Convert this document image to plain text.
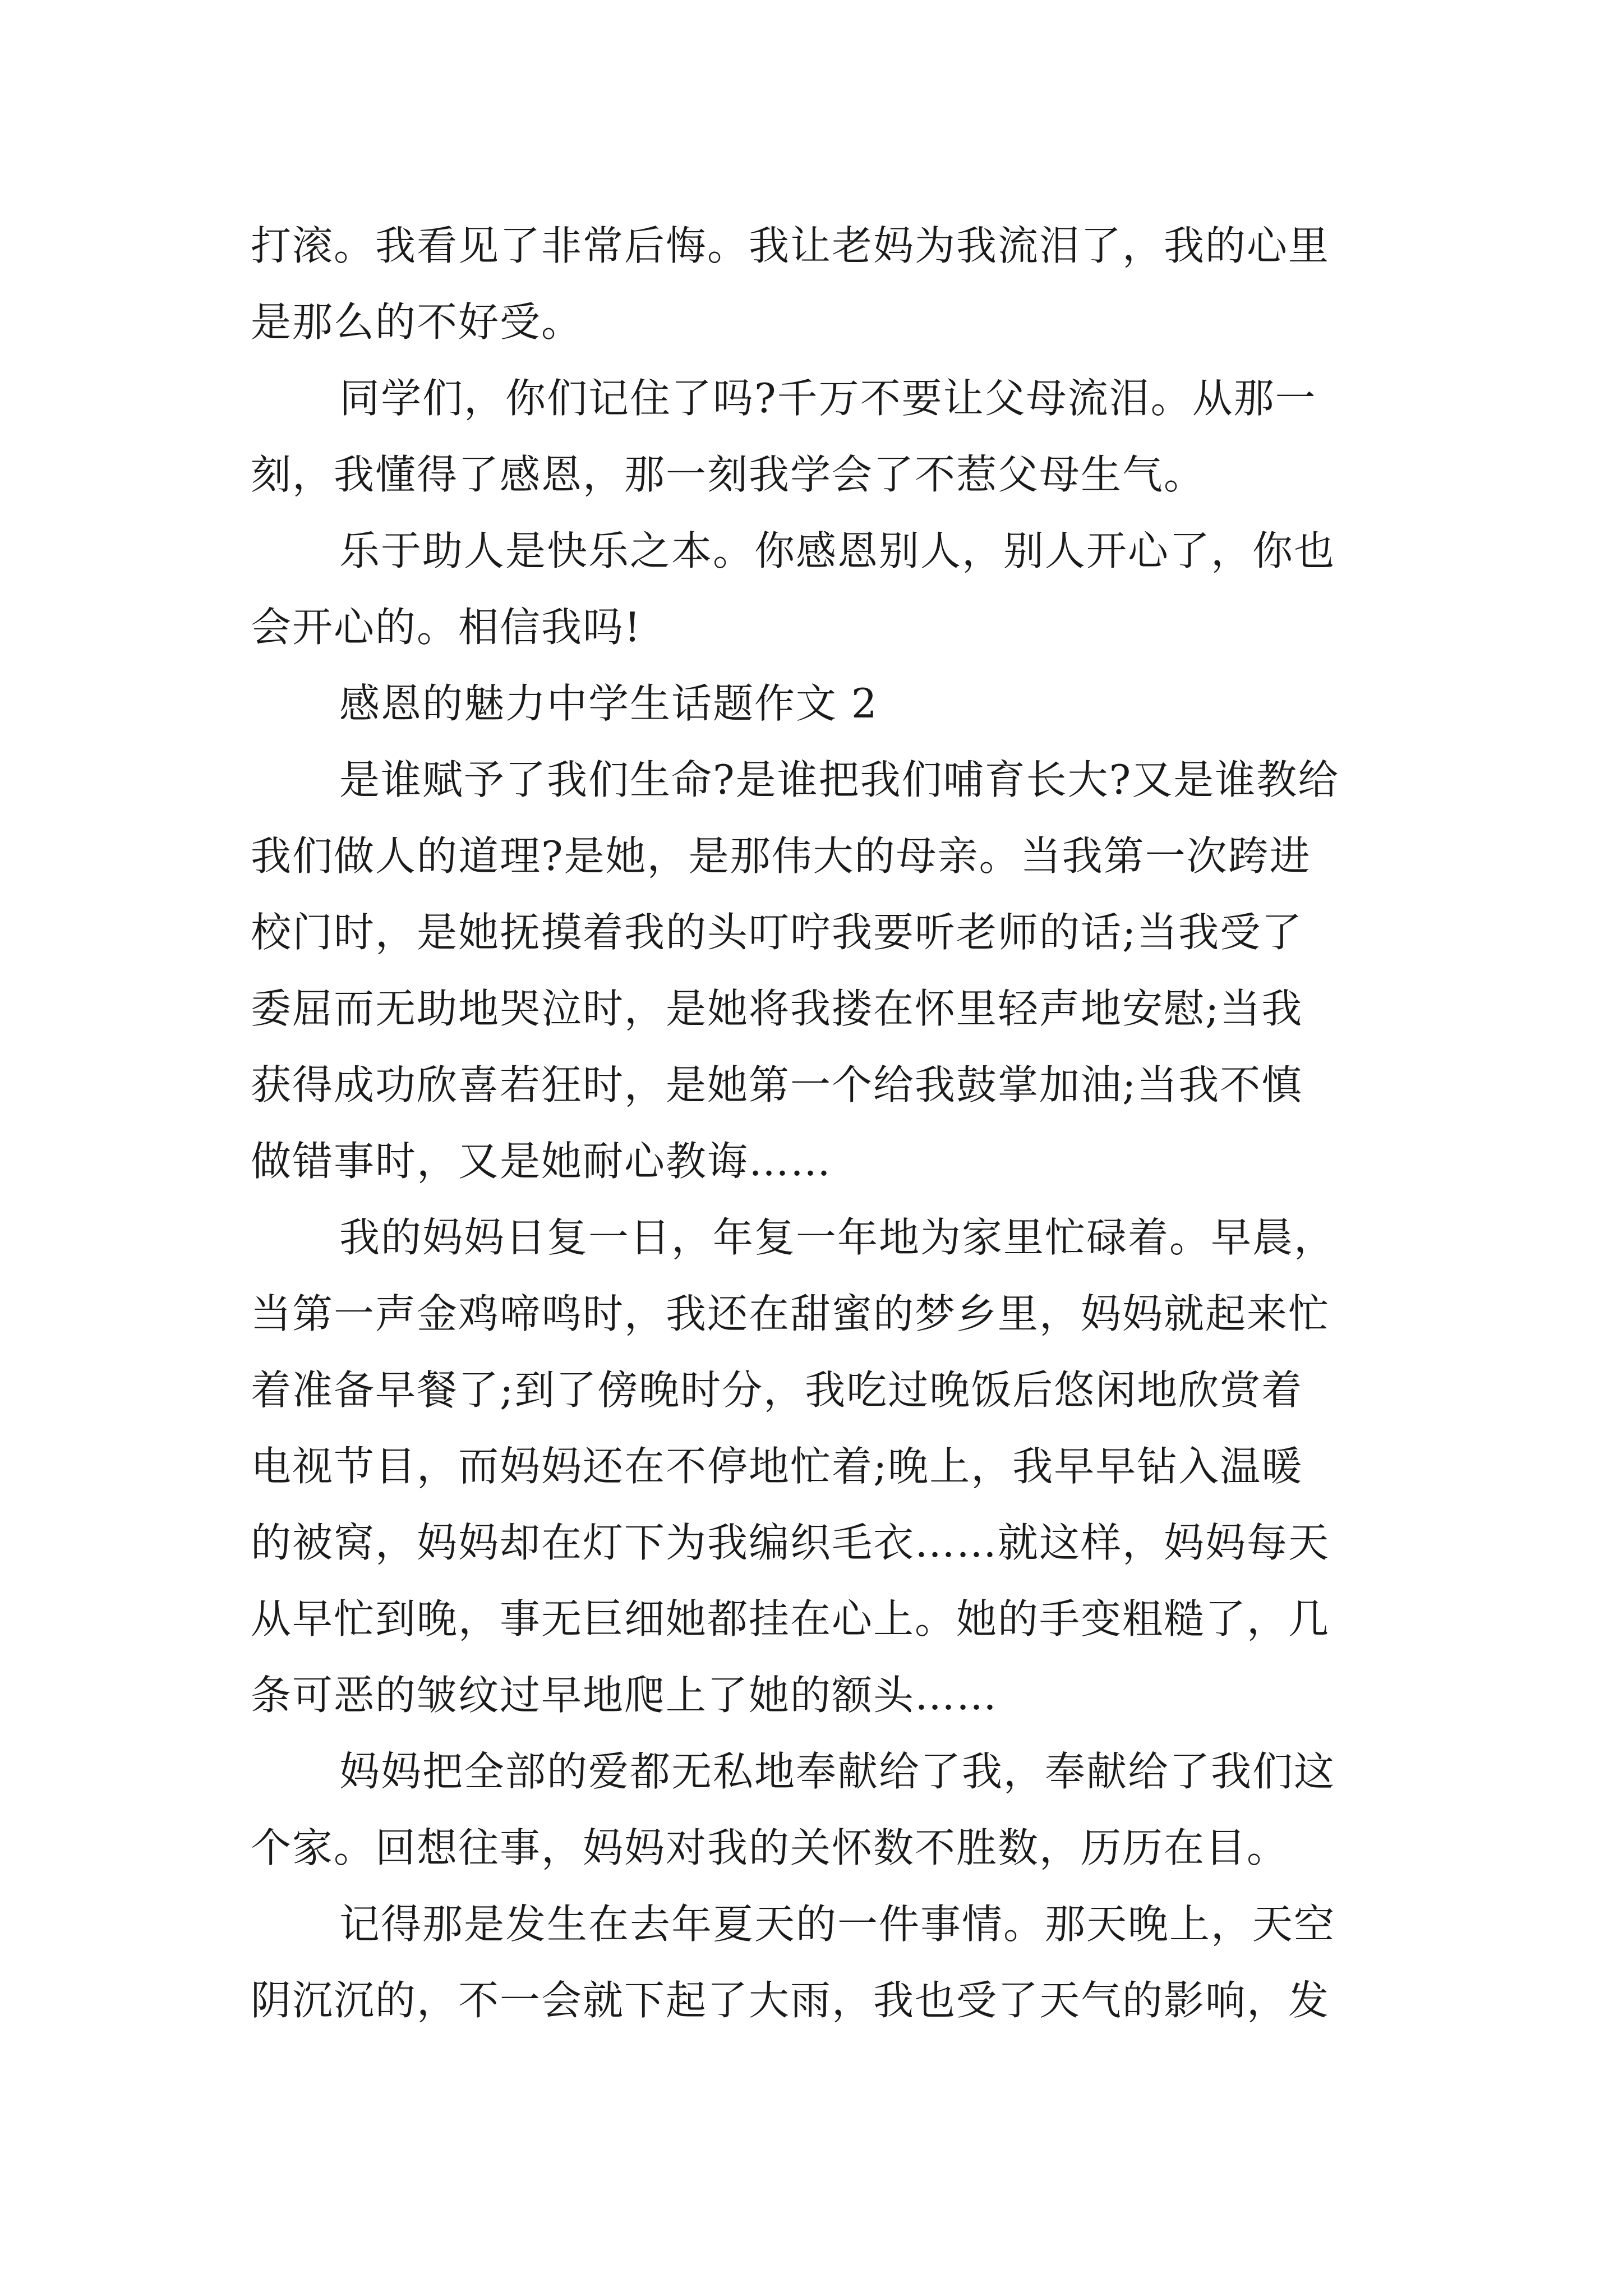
打滚。我看见了非常后悔。我让老妈为我流泪了，我的心里
是那么的不好受。
同学们，你们记住了吗?千万不要让父母流泪。从那一
刻，我懂得了感恩，那一刻我学会了不惹父母生气。
乐于助人是快乐之本。你感恩别人，别人开心了，你也
会开心的。相信我吗!
感恩的魅力中学生话题作文 2
是谁赋予了我们生命?是谁把我们哺育长大?又是谁教给
我们做人的道理?是她，是那伟大的母亲。当我第一次跨进
校门时，是她抚摸着我的头叮咛我要听老师的话;当我受了
委屈而无助地哭泣时，是她将我搂在怀里轻声地安慰;当我
获得成功欣喜若狂时，是她第一个给我鼓掌加油;当我不慎
做错事时，又是她耐心教诲……
我的妈妈日复一日，年复一年地为家里忙碌着。早晨，
当第一声金鸡啼鸣时，我还在甜蜜的梦乡里，妈妈就起来忙
着准备早餐了;到了傍晚时分，我吃过晚饭后悠闲地欣赏着
电视节目，而妈妈还在不停地忙着;晚上，我早早钻入温暖
的被窝，妈妈却在灯下为我编织毛衣……就这样，妈妈每天
从早忙到晚，事无巨细她都挂在心上。她的手变粗糙了，几
条可恶的皱纹过早地爬上了她的额头……
妈妈把全部的爱都无私地奉献给了我，奉献给了我们这
个家。回想往事，妈妈对我的关怀数不胜数，历历在目。
记得那是发生在去年夏天的一件事情。那天晚上，天空
阴沉沉的，不一会就下起了大雨，我也受了天气的影响，发
